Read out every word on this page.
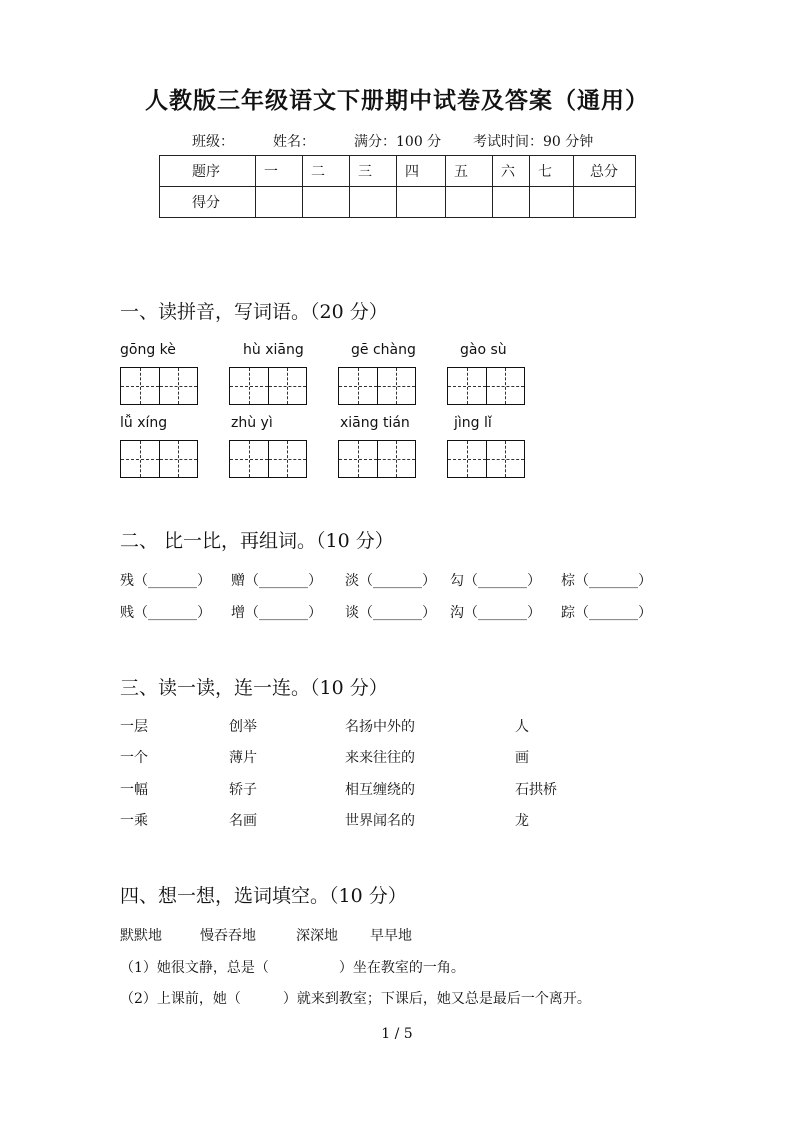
人教版三年级语文下册期中试卷及答案（通用）
班级：	姓名：	满分：100 分 考试时间：90 分钟
题序	一	二	三	四	五	六	七	总分
得分								
一、读拼音，写词语。（20 分）
gōng kè	hù xiāng	gē chàng	gào sù
lǚ xíng	zhù yì	xiāng tián	jìng lǐ
二、 比一比，再组词。（10 分）
残（_______） 赠（_______） 淡（_______） 勾（_______） 棕（_______）
贱（_______） 增（_______） 谈（_______） 沟（_______） 踪（_______）
三、读一读，连一连。（10 分）
一层	创举	名扬中外的	人
一个	薄片	来来往往的	画
一幅	轿子	相互缠绕的	石拱桥
一乘	名画	世界闻名的	龙
四、想一想，选词填空。（10 分）
默默地	慢吞吞地	深深地 早早地
（1）她很文静，总是（　　　　　）坐在教室的一角。
（2）上课前，她（　　　）就来到教室；下课后，她又总是最后一个离开。
1 / 5
